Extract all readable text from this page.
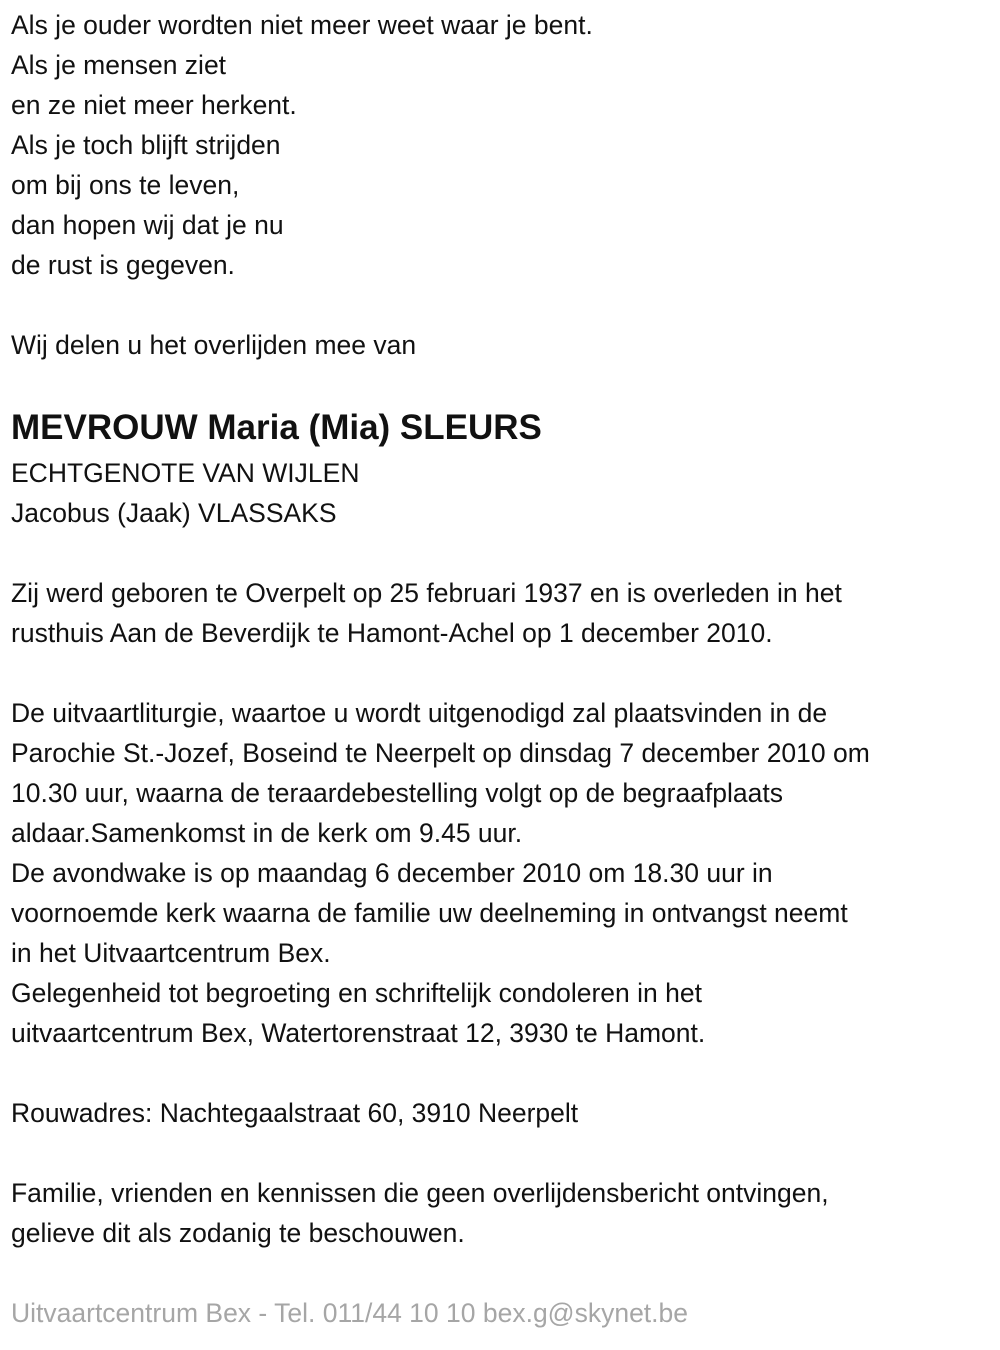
Als je ouder wordten niet meer weet waar je bent.
Als je mensen ziet
en ze niet meer herkent.
Als je toch blijft strijden
om bij ons te leven,
dan hopen wij dat je nu
de rust is gegeven.
Wij delen u het overlijden mee van
MEVROUW Maria (Mia) SLEURS
ECHTGENOTE VAN WIJLEN
Jacobus (Jaak) VLASSAKS
Zij werd geboren te Overpelt op 25 februari 1937 en is overleden in het
rusthuis Aan de Beverdijk te Hamont-Achel op 1 december 2010.
De uitvaartliturgie, waartoe u wordt uitgenodigd zal plaatsvinden in de
Parochie St.-Jozef, Boseind te Neerpelt op dinsdag 7 december 2010 om
10.30 uur, waarna de teraardebestelling volgt op de begraafplaats
aldaar.Samenkomst in de kerk om 9.45 uur.
De avondwake is op maandag 6 december 2010 om 18.30 uur in
voornoemde kerk waarna de familie uw deelneming in ontvangst neemt
in het Uitvaartcentrum Bex.
Gelegenheid tot begroeting en schriftelijk condoleren in het
uitvaartcentrum Bex, Watertorenstraat 12, 3930 te Hamont.
Rouwadres: Nachtegaalstraat 60, 3910 Neerpelt
Familie, vrienden en kennissen die geen overlijdensbericht ontvingen,
gelieve dit als zodanig te beschouwen.
Uitvaartcentrum Bex - Tel. 011/44 10 10 bex.g@skynet.be
